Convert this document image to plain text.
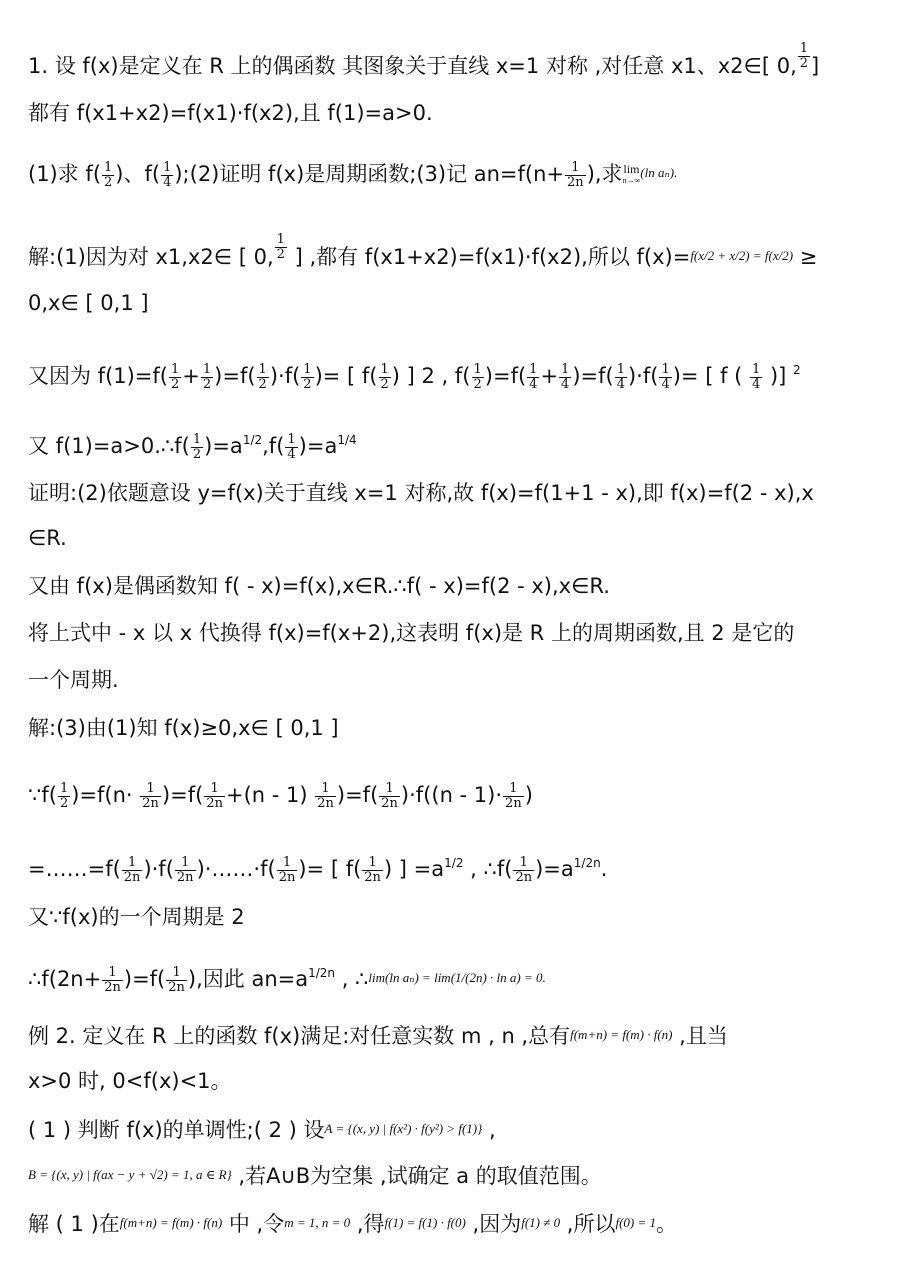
1. 设 f(x)是定义在 R 上的偶函数 其图象关于直线 x=1 对称 ,对任意 x1、x2∈[ 0, $\frac{1}{2}$ ]
都有 f(x1+x2)=f(x1)·f(x2),且 f(1)=a>0.
(1)求 $f( \frac{1}{2}$ )、$f( \frac{1}{4}$ );(2)证明 f(x)是周期函数;(3)记 $an=f(n+ \frac{1}{2n}$ ),求 lim
n→∞
(ln aₙ).
解:(1)因为对 x1,x2∈ [ 0, $\frac{1}{2}$ ] ,都有 f(x1+x2)=f(x1)·f(x2),所以 f(x)=f(x/2 + x/2) = f(x/2) ≥
0,x∈ [ 0,1 ]
又因为 $f(1)=f( \frac{1}{2} + \frac{1}{2} )=f( \frac{1}{2} )\cdot f( \frac{1}{2}$ )= [ $f( \frac{1}{2}$ ) ] 2 , $f( \frac{1}{2} )=f( \frac{1}{4} + \frac{1}{4} )=f( \frac{1}{4} )\cdot f( \frac{1}{4}$ )= [ f ( $\frac{1}{4}$ )] $^2$
又 f(1)=a>0.∴f( $\frac{1}{2} )=a^{1/2},f( \frac{1}{4} )=a^{1/4}$
证明:(2)依题意设 y=f(x)关于直线 x=1 对称,故 f(x)=f(1+1 - x),即 f(x)=f(2 - x),x
∈R.
又由 f(x)是偶函数知 f( - x)=f(x),x∈R.∴f( - x)=f(2 - x),x∈R.
将上式中 - x 以 x 代换得 f(x)=f(x+2),这表明 f(x)是 R 上的周期函数,且 2 是它的
一个周期.
解:(3)由(1)知 f(x)≥0,x∈ [ 0,1 ]
∵f( $\frac{1}{2} )=f(n\cdot \frac{1}{2n} )=f( \frac{1}{2n} +(n - 1) \frac{1}{2n} )=f( \frac{1}{2n} )\cdot f((n - 1)\cdot \frac{1}{2n}$ )
=……=f( $\frac{1}{2n} )\cdot f( \frac{1}{2n}$ )·……·f( $\frac{1}{2n}$ )= [ $f( \frac{1}{2n}$ ) ] $=a^{1/2}$ , ∴f( $\frac{1}{2n} )=a^{1/2n}$.
又∵f(x)的一个周期是 2
∴f(2n+ $\frac{1}{2n} )=f( \frac{1}{2n}$ ),因此 $an=a^{1/2n}$ , ∴lim(ln aₙ) = lim(1/(2n) · ln a) = 0.
例 2. 定义在 R 上的函数 f(x)满足:对任意实数 m , n ,总有f(m+n) = f(m) · f(n) ,且当
x>0 时, 0<f(x)<1。
( 1 ) 判断 f(x)的单调性;( 2 ) 设A = {(x, y) | f(x²) · f(y²) > f(1)} ,
B = {(x, y) | f(ax − y + √2) = 1, a ∈ R} ,若A∪B为空集 ,试确定 a 的取值范围。
解 ( 1 )在f(m+n) = f(m) · f(n) 中 ,令m = 1, n = 0 ,得f(1) = f(1) · f(0) ,因为f(1) ≠ 0 ,所以f(0) = 1。
